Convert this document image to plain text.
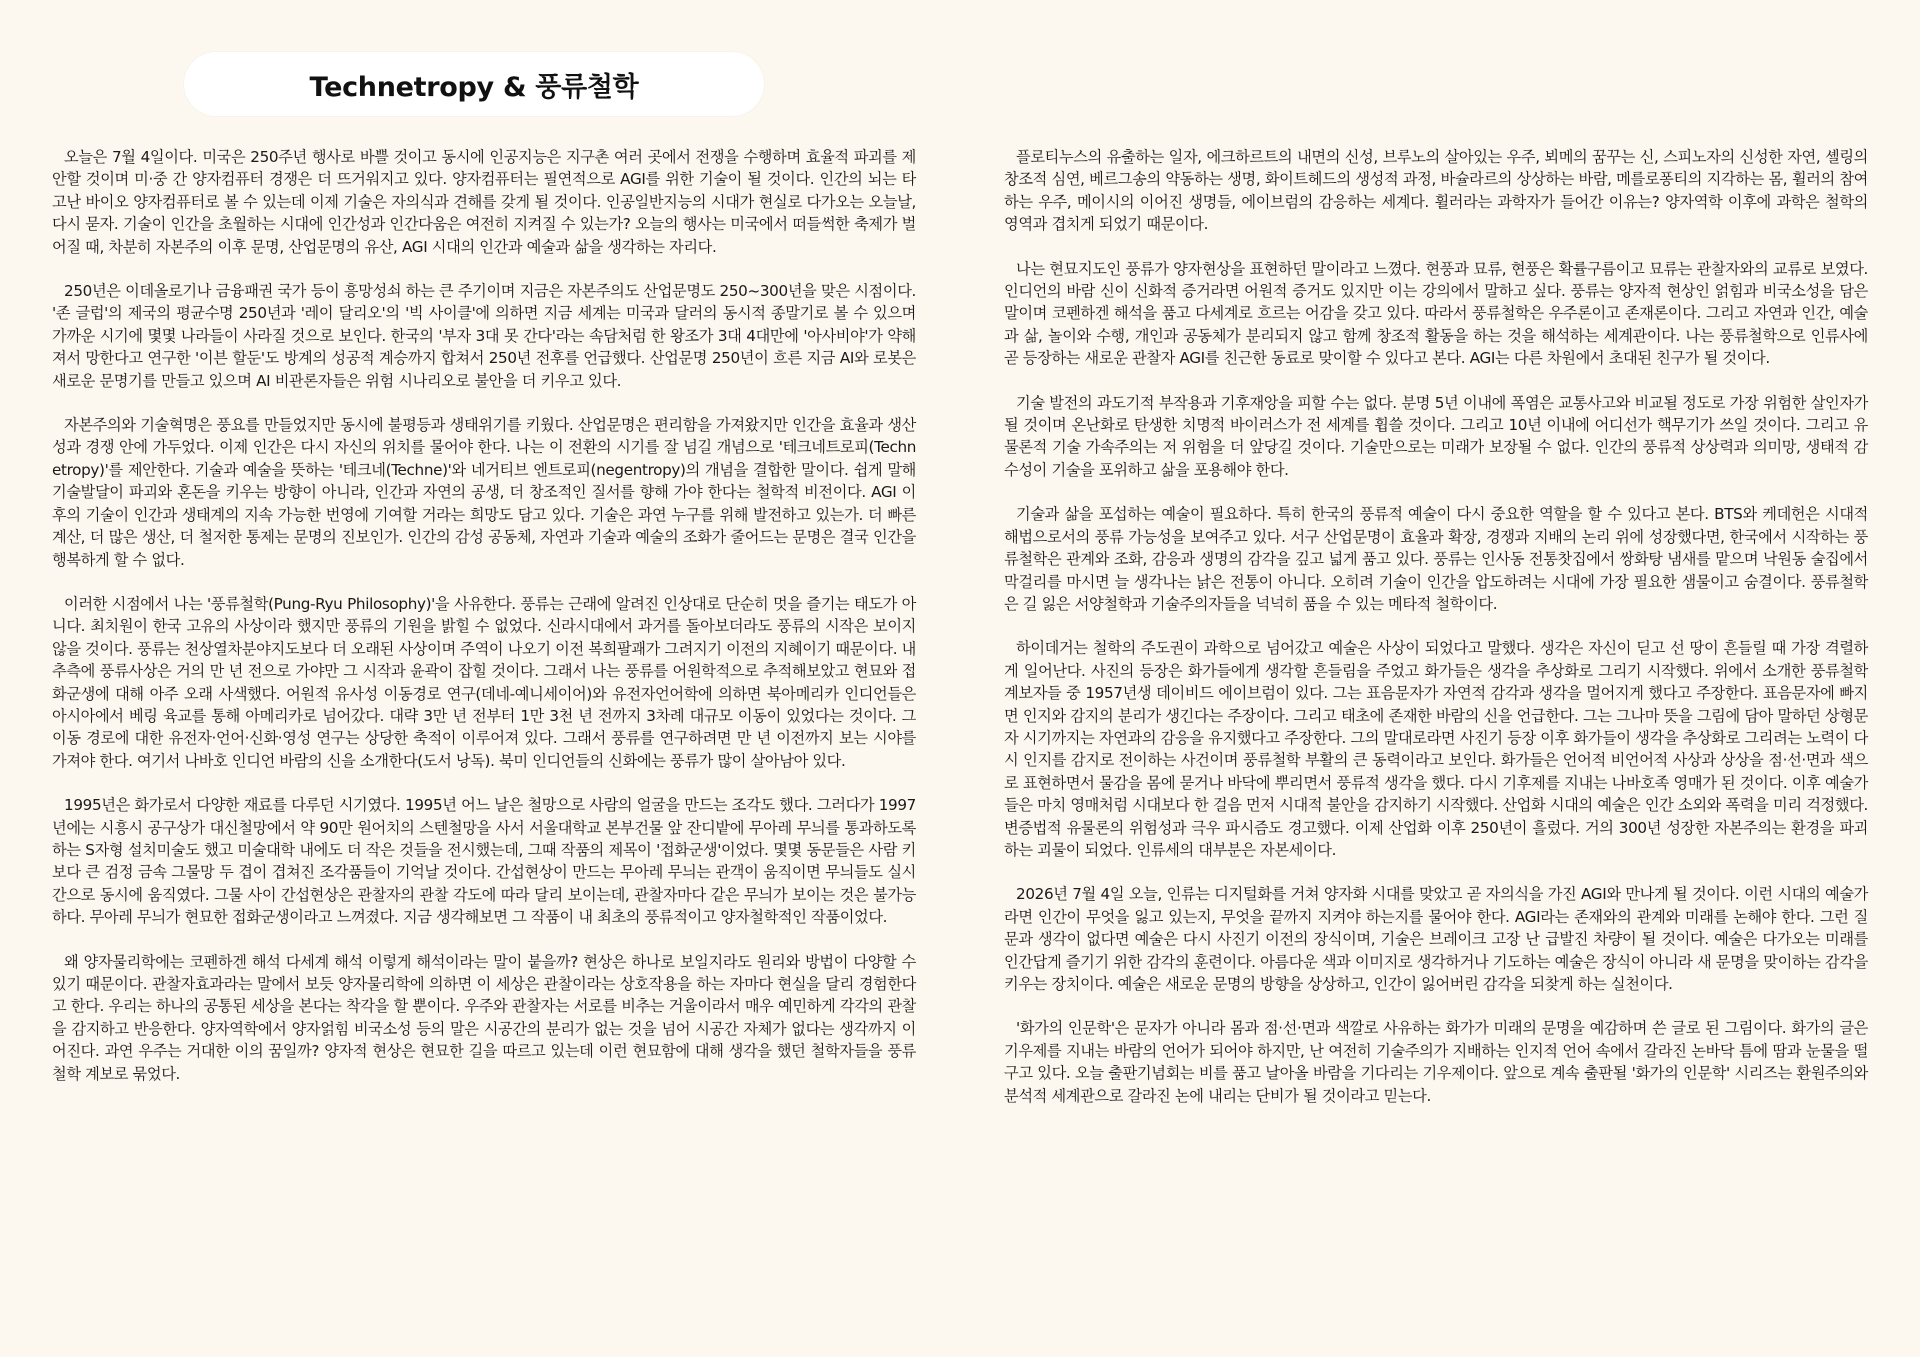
Technetropy & 풍류철학

오늘은 7월 4일이다. 미국은 250주년 행사로 바쁠 것이고 동시에 인공지능은 지구촌 여러 곳에서 전쟁을 수행하며 효율적 파괴를 제안할 것이며 미·중 간 양자컴퓨터 경쟁은 더 뜨거워지고 있다. 양자컴퓨터는 필연적으로 AGI를 위한 기술이 될 것이다. 인간의 뇌는 타고난 바이오 양자컴퓨터로 볼 수 있는데 이제 기술은 자의식과 견해를 갖게 될 것이다. 인공일반지능의 시대가 현실로 다가오는 오늘날, 다시 묻자. 기술이 인간을 초월하는 시대에 인간성과 인간다움은 여전히 지켜질 수 있는가? 오늘의 행사는 미국에서 떠들썩한 축제가 벌어질 때, 차분히 자본주의 이후 문명, 산업문명의 유산, AGI 시대의 인간과 예술과 삶을 생각하는 자리다.

250년은 이데올로기나 금융패권 국가 등이 흥망성쇠 하는 큰 주기이며 지금은 자본주의도 산업문명도 250~300년을 맞은 시점이다. '존 글럽'의 제국의 평균수명 250년과 '레이 달리오'의 '빅 사이클'에 의하면 지금 세계는 미국과 달러의 동시적 종말기로 볼 수 있으며 가까운 시기에 몇몇 나라들이 사라질 것으로 보인다. 한국의 '부자 3대 못 간다'라는 속담처럼 한 왕조가 3대 4대만에 '아사비야'가 약해져서 망한다고 연구한 '이븐 할둔'도 방계의 성공적 계승까지 합쳐서 250년 전후를 언급했다. 산업문명 250년이 흐른 지금 AI와 로봇은 새로운 문명기를 만들고 있으며 AI 비관론자들은 위험 시나리오로 불안을 더 키우고 있다.

자본주의와 기술혁명은 풍요를 만들었지만 동시에 불평등과 생태위기를 키웠다. 산업문명은 편리함을 가져왔지만 인간을 효율과 생산성과 경쟁 안에 가두었다. 이제 인간은 다시 자신의 위치를 물어야 한다. 나는 이 전환의 시기를 잘 넘길 개념으로 '테크네트로피(Technetropy)'를 제안한다. 기술과 예술을 뜻하는 '테크네(Techne)'와 네거티브 엔트로피(negentropy)의 개념을 결합한 말이다. 쉽게 말해 기술발달이 파괴와 혼돈을 키우는 방향이 아니라, 인간과 자연의 공생, 더 창조적인 질서를 향해 가야 한다는 철학적 비전이다. AGI 이후의 기술이 인간과 생태계의 지속 가능한 번영에 기여할 거라는 희망도 담고 있다. 기술은 과연 누구를 위해 발전하고 있는가. 더 빠른 계산, 더 많은 생산, 더 철저한 통제는 문명의 진보인가. 인간의 감성 공동체, 자연과 기술과 예술의 조화가 줄어드는 문명은 결국 인간을 행복하게 할 수 없다.

이러한 시점에서 나는 '풍류철학(Pung-Ryu Philosophy)'을 사유한다. 풍류는 근래에 알려진 인상대로 단순히 멋을 즐기는 태도가 아니다. 최치원이 한국 고유의 사상이라 했지만 풍류의 기원을 밝힐 수 없었다. 신라시대에서 과거를 돌아보더라도 풍류의 시작은 보이지 않을 것이다. 풍류는 천상열차분야지도보다 더 오래된 사상이며 주역이 나오기 이전 복희팔괘가 그려지기 이전의 지혜이기 때문이다. 내 추측에 풍류사상은 거의 만 년 전으로 가야만 그 시작과 윤곽이 잡힐 것이다. 그래서 나는 풍류를 어원학적으로 추적해보았고 현묘와 접화군생에 대해 아주 오래 사색했다. 어원적 유사성 이동경로 연구(데네-예니세이어)와 유전자언어학에 의하면 북아메리카 인디언들은 아시아에서 베링 육교를 통해 아메리카로 넘어갔다. 대략 3만 년 전부터 1만 3천 년 전까지 3차례 대규모 이동이 있었다는 것이다. 그 이동 경로에 대한 유전자·언어·신화·영성 연구는 상당한 축적이 이루어져 있다. 그래서 풍류를 연구하려면 만 년 이전까지 보는 시야를 가져야 한다. 여기서 나바호 인디언 바람의 신을 소개한다(도서 낭독). 북미 인디언들의 신화에는 풍류가 많이 살아남아 있다.

1995년은 화가로서 다양한 재료를 다루던 시기였다. 1995년 어느 날은 철망으로 사람의 얼굴을 만드는 조각도 했다. 그러다가 1997년에는 시흥시 공구상가 대신철망에서 약 90만 원어치의 스텐철망을 사서 서울대학교 본부건물 앞 잔디밭에 무아레 무늬를 통과하도록 하는 S자형 설치미술도 했고 미술대학 내에도 더 작은 것들을 전시했는데, 그때 작품의 제목이 '접화군생'이었다. 몇몇 동문들은 사람 키보다 큰 검정 금속 그물망 두 겹이 겹쳐진 조각품들이 기억날 것이다. 간섭현상이 만드는 무아레 무늬는 관객이 움직이면 무늬들도 실시간으로 동시에 움직였다. 그물 사이 간섭현상은 관찰자의 관찰 각도에 따라 달리 보이는데, 관찰자마다 같은 무늬가 보이는 것은 불가능하다. 무아레 무늬가 현묘한 접화군생이라고 느껴졌다. 지금 생각해보면 그 작품이 내 최초의 풍류적이고 양자철학적인 작품이었다.

왜 양자물리학에는 코펜하겐 해석 다세계 해석 이렇게 해석이라는 말이 붙을까? 현상은 하나로 보일지라도 원리와 방법이 다양할 수 있기 때문이다. 관찰자효과라는 말에서 보듯 양자물리학에 의하면 이 세상은 관찰이라는 상호작용을 하는 자마다 현실을 달리 경험한다고 한다. 우리는 하나의 공통된 세상을 본다는 착각을 할 뿐이다. 우주와 관찰자는 서로를 비추는 거울이라서 매우 예민하게 각각의 관찰을 감지하고 반응한다. 양자역학에서 양자얽힘 비국소성 등의 말은 시공간의 분리가 없는 것을 넘어 시공간 자체가 없다는 생각까지 이어진다. 과연 우주는 거대한 이의 꿈일까? 양자적 현상은 현묘한 길을 따르고 있는데 이런 현묘함에 대해 생각을 했던 철학자들을 풍류철학 계보로 묶었다.

플로티누스의 유출하는 일자, 에크하르트의 내면의 신성, 브루노의 살아있는 우주, 뵈메의 꿈꾸는 신, 스피노자의 신성한 자연, 셸링의 창조적 심연, 베르그송의 약동하는 생명, 화이트헤드의 생성적 과정, 바슐라르의 상상하는 바람, 메를로퐁티의 지각하는 몸, 휠러의 참여하는 우주, 메이시의 이어진 생명들, 에이브럼의 감응하는 세계다. 휠러라는 과학자가 들어간 이유는? 양자역학 이후에 과학은 철학의 영역과 겹치게 되었기 때문이다.

나는 현묘지도인 풍류가 양자현상을 표현하던 말이라고 느꼈다. 현풍과 묘류, 현풍은 확률구름이고 묘류는 관찰자와의 교류로 보였다. 인디언의 바람 신이 신화적 증거라면 어원적 증거도 있지만 이는 강의에서 말하고 싶다. 풍류는 양자적 현상인 얽힘과 비국소성을 담은 말이며 코펜하겐 해석을 품고 다세계로 흐르는 어감을 갖고 있다. 따라서 풍류철학은 우주론이고 존재론이다. 그리고 자연과 인간, 예술과 삶, 놀이와 수행, 개인과 공동체가 분리되지 않고 함께 창조적 활동을 하는 것을 해석하는 세계관이다. 나는 풍류철학으로 인류사에 곧 등장하는 새로운 관찰자 AGI를 친근한 동료로 맞이할 수 있다고 본다. AGI는 다른 차원에서 초대된 친구가 될 것이다.

기술 발전의 과도기적 부작용과 기후재앙을 피할 수는 없다. 분명 5년 이내에 폭염은 교통사고와 비교될 정도로 가장 위험한 살인자가 될 것이며 온난화로 탄생한 치명적 바이러스가 전 세계를 휩쓸 것이다. 그리고 10년 이내에 어디선가 핵무기가 쓰일 것이다. 그리고 유물론적 기술 가속주의는 저 위험을 더 앞당길 것이다. 기술만으로는 미래가 보장될 수 없다. 인간의 풍류적 상상력과 의미망, 생태적 감수성이 기술을 포위하고 삶을 포용해야 한다.

기술과 삶을 포섭하는 예술이 필요하다. 특히 한국의 풍류적 예술이 다시 중요한 역할을 할 수 있다고 본다. BTS와 케데헌은 시대적 해법으로서의 풍류 가능성을 보여주고 있다. 서구 산업문명이 효율과 확장, 경쟁과 지배의 논리 위에 성장했다면, 한국에서 시작하는 풍류철학은 관계와 조화, 감응과 생명의 감각을 깊고 넓게 품고 있다. 풍류는 인사동 전통찻집에서 쌍화탕 냄새를 맡으며 낙원동 술집에서 막걸리를 마시면 늘 생각나는 낡은 전통이 아니다. 오히려 기술이 인간을 압도하려는 시대에 가장 필요한 샘물이고 숨결이다. 풍류철학은 길 잃은 서양철학과 기술주의자들을 넉넉히 품을 수 있는 메타적 철학이다.

하이데거는 철학의 주도권이 과학으로 넘어갔고 예술은 사상이 되었다고 말했다. 생각은 자신이 딛고 선 땅이 흔들릴 때 가장 격렬하게 일어난다. 사진의 등장은 화가들에게 생각할 흔들림을 주었고 화가들은 생각을 추상화로 그리기 시작했다. 위에서 소개한 풍류철학 계보자들 중 1957년생 데이비드 에이브럼이 있다. 그는 표음문자가 자연적 감각과 생각을 멀어지게 했다고 주장한다. 표음문자에 빠지면 인지와 감지의 분리가 생긴다는 주장이다. 그리고 태초에 존재한 바람의 신을 언급한다. 그는 그나마 뜻을 그림에 담아 말하던 상형문자 시기까지는 자연과의 감응을 유지했다고 주장한다. 그의 말대로라면 사진기 등장 이후 화가들이 생각을 추상화로 그리려는 노력이 다시 인지를 감지로 전이하는 사건이며 풍류철학 부활의 큰 동력이라고 보인다. 화가들은 언어적 비언어적 사상과 상상을 점·선·면과 색으로 표현하면서 물감을 몸에 묻거나 바닥에 뿌리면서 풍류적 생각을 했다. 다시 기후제를 지내는 나바호족 영매가 된 것이다. 이후 예술가들은 마치 영매처럼 시대보다 한 걸음 먼저 시대적 불안을 감지하기 시작했다. 산업화 시대의 예술은 인간 소외와 폭력을 미리 걱정했다. 변증법적 유물론의 위험성과 극우 파시즘도 경고했다. 이제 산업화 이후 250년이 흘렀다. 거의 300년 성장한 자본주의는 환경을 파괴하는 괴물이 되었다. 인류세의 대부분은 자본세이다.

2026년 7월 4일 오늘, 인류는 디지털화를 거쳐 양자화 시대를 맞았고 곧 자의식을 가진 AGI와 만나게 될 것이다. 이런 시대의 예술가라면 인간이 무엇을 잃고 있는지, 무엇을 끝까지 지켜야 하는지를 물어야 한다. AGI라는 존재와의 관계와 미래를 논해야 한다. 그런 질문과 생각이 없다면 예술은 다시 사진기 이전의 장식이며, 기술은 브레이크 고장 난 급발진 차량이 될 것이다. 예술은 다가오는 미래를 인간답게 즐기기 위한 감각의 훈련이다. 아름다운 색과 이미지로 생각하거나 기도하는 예술은 장식이 아니라 새 문명을 맞이하는 감각을 키우는 장치이다. 예술은 새로운 문명의 방향을 상상하고, 인간이 잃어버린 감각을 되찾게 하는 실천이다.

'화가의 인문학'은 문자가 아니라 몸과 점·선·면과 색깔로 사유하는 화가가 미래의 문명을 예감하며 쓴 글로 된 그림이다. 화가의 글은 기우제를 지내는 바람의 언어가 되어야 하지만, 난 여전히 기술주의가 지배하는 인지적 언어 속에서 갈라진 논바닥 틈에 땀과 눈물을 떨구고 있다. 오늘 출판기념회는 비를 품고 날아올 바람을 기다리는 기우제이다. 앞으로 계속 출판될 '화가의 인문학' 시리즈는 환원주의와 분석적 세계관으로 갈라진 논에 내리는 단비가 될 것이라고 믿는다.
